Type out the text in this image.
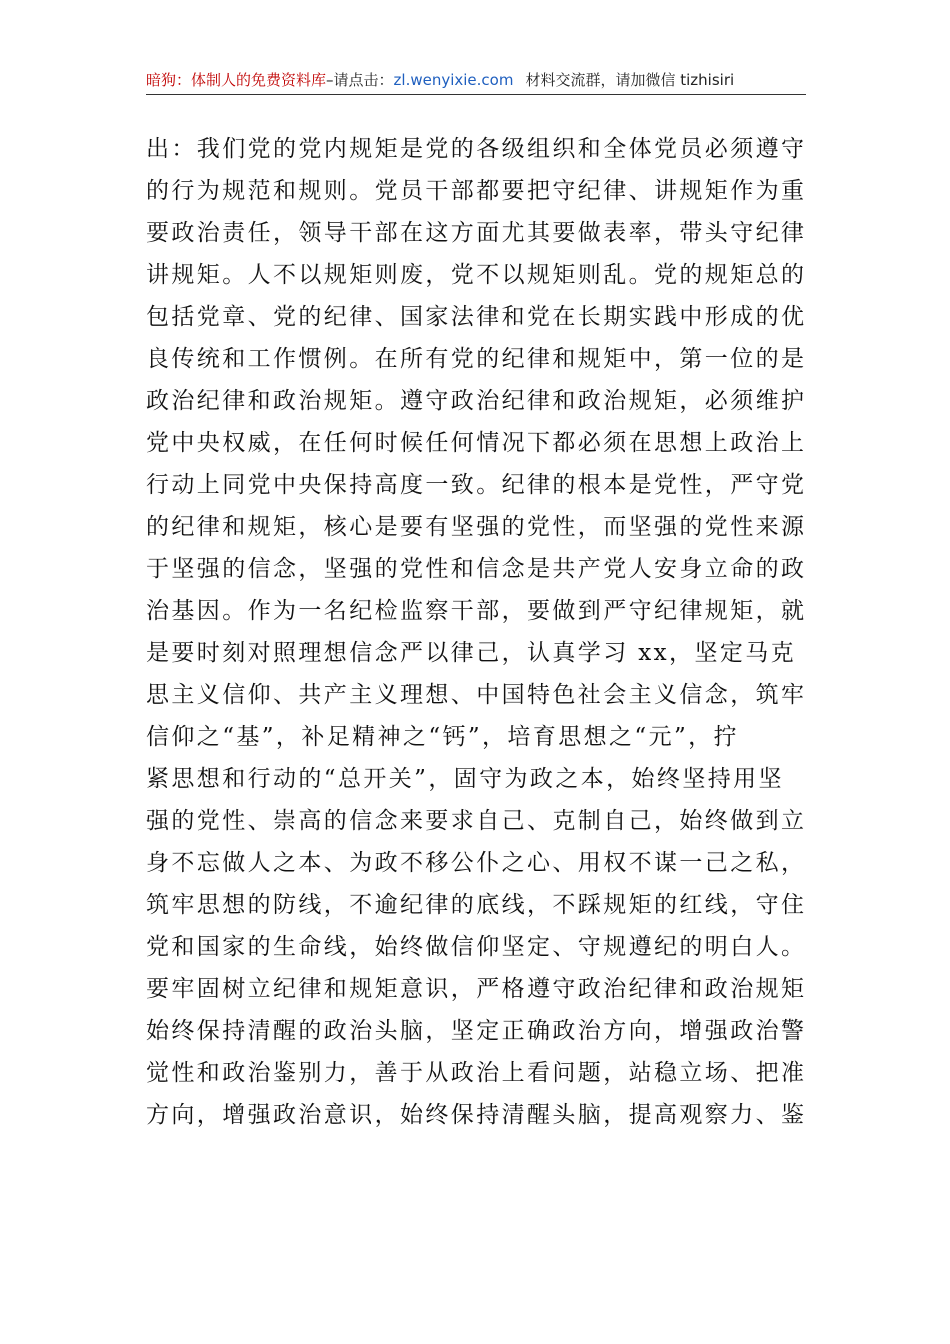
暗狗：体制人的免费资料库–请点击：zl.wenyixie.com 材料交流群，请加微信 tizhisiri
出：我们党的党内规矩是党的各级组织和全体党员必须遵守
的行为规范和规则。党员干部都要把守纪律、讲规矩作为重
要政治责任，领导干部在这方面尤其要做表率，带头守纪律
讲规矩。人不以规矩则废，党不以规矩则乱。党的规矩总的
包括党章、党的纪律、国家法律和党在长期实践中形成的优
良传统和工作惯例。在所有党的纪律和规矩中，第一位的是
政治纪律和政治规矩。遵守政治纪律和政治规矩，必须维护
党中央权威，在任何时候任何情况下都必须在思想上政治上
行动上同党中央保持高度一致。纪律的根本是党性，严守党
的纪律和规矩，核心是要有坚强的党性，而坚强的党性来源
于坚强的信念，坚强的党性和信念是共产党人安身立命的政
治基因。作为一名纪检监察干部，要做到严守纪律规矩，就
是要时刻对照理想信念严以律己，认真学习 xx，坚定马克
思主义信仰、共产主义理想、中国特色社会主义信念，筑牢
信仰之“基”，补足精神之“钙”，培育思想之“元”，拧
紧思想和行动的“总开关”，固守为政之本，始终坚持用坚
强的党性、崇高的信念来要求自己、克制自己，始终做到立
身不忘做人之本、为政不移公仆之心、用权不谋一己之私，
筑牢思想的防线，不逾纪律的底线，不踩规矩的红线，守住
党和国家的生命线，始终做信仰坚定、守规遵纪的明白人。
要牢固树立纪律和规矩意识，严格遵守政治纪律和政治规矩
始终保持清醒的政治头脑，坚定正确政治方向，增强政治警
觉性和政治鉴别力，善于从政治上看问题，站稳立场、把准
方向，增强政治意识，始终保持清醒头脑，提高观察力、鉴
